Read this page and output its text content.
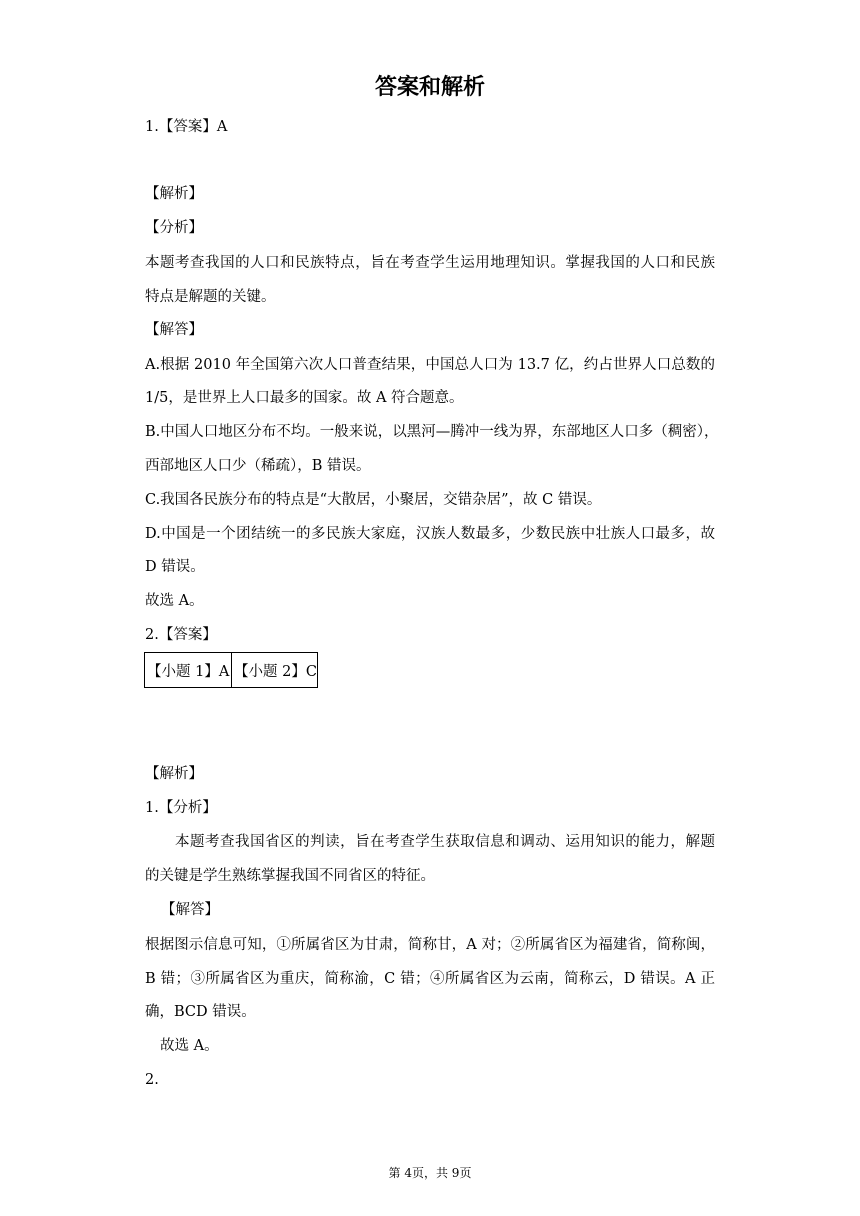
答案和解析
1.【答案】A
【解析】
【分析】
本题考查我国的人口和民族特点，旨在考查学生运用地理知识。掌握我国的人口和民族
特点是解题的关键。
【解答】
A.根据 2010 年全国第六次人口普查结果，中国总人口为 13.7 亿，约占世界人口总数的
1/5，是世界上人口最多的国家。故 A 符合题意。
B.中国人口地区分布不均。一般来说，以黑河—腾冲一线为界，东部地区人口多（稠密），
西部地区人口少（稀疏），B 错误。
C.我国各民族分布的特点是“大散居，小聚居，交错杂居”，故 C 错误。
D.中国是一个团结统一的多民族大家庭，汉族人数最多，少数民族中壮族人口最多，故
D 错误。
故选 A。
2.【答案】
【小题 1】A	【小题 2】C
【解析】
1.【分析】
本题考查我国省区的判读，旨在考查学生获取信息和调动、运用知识的能力，解题
的关键是学生熟练掌握我国不同省区的特征。
【解答】
根据图示信息可知，①所属省区为甘肃，简称甘，A 对；②所属省区为福建省，简称闽，
B 错；③所属省区为重庆，简称渝，C 错；④所属省区为云南，简称云，D 错误。A 正
确，BCD 错误。
故选 A。
2.
第 4页，共 9页
